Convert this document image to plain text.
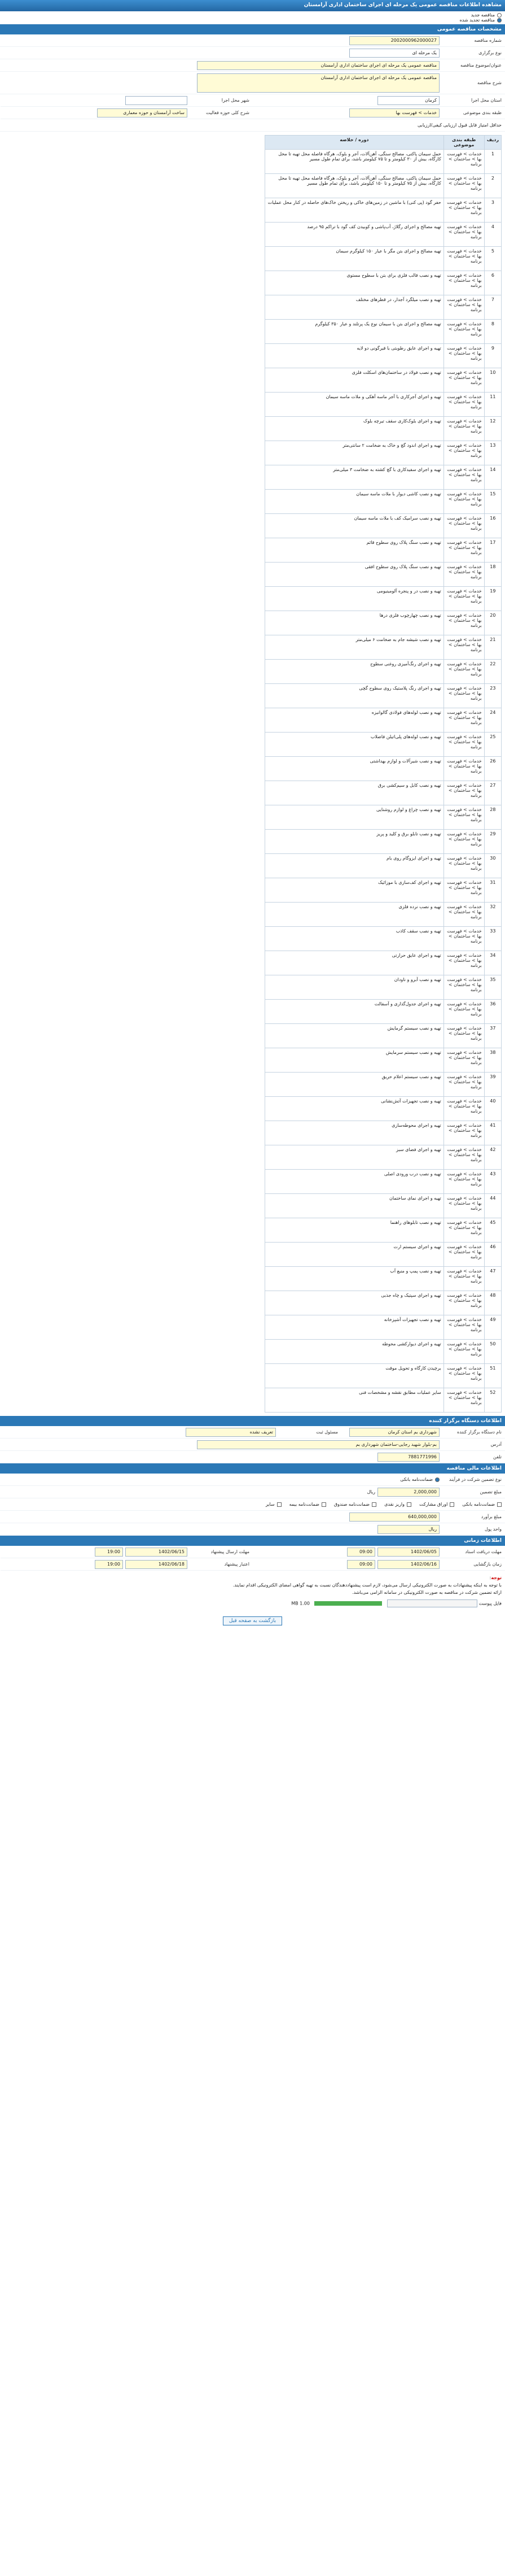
مشاهده اطلاعات مناقصه عمومی یک مرحله ای اجرای ساختمان اداری آرامستان
مناقصه جدید
مناقصه تجدید شده
مشخصات مناقصه عمومی
شماره مناقصه
2002000962000027
نوع برگزاری
یک مرحله ای
عنوان/موضوع مناقصه
مناقصه عمومی یک مرحله ای اجرای ساختمان اداری آرامستان
شرح مناقصه
مناقصه عمومی یک مرحله ای اجرای ساختمان اداری آرامستان
استان محل اجرا
کرمان
شهر محل اجرا
طبقه بندی موضوعی
خدمات > فهرست بها
شرح کلی حوزه فعالیت
ساخت آرامستان و حوزه معماری
حداقل امتیاز قابل قبول ارزیابی کیفی/ارزیابی
ردیف	طبقه بندی موضوعی	دوره / خلاصه
1	خدمات > فهرست بها > ساختمان > برنامه	حمل سیمان پاکتی، مصالح سنگی، آهن‌آلات، آجر و بلوک، هرگاه فاصله محل تهیه تا محل کارگاه، بیش از ۳۰ کیلومتر و تا ۷۵ کیلومتر باشد، برای تمام طول مسیر
2	خدمات > فهرست بها > ساختمان > برنامه	حمل سیمان پاکتی، مصالح سنگی، آهن‌آلات، آجر و بلوک، هرگاه فاصله محل تهیه تا محل کارگاه، بیش از ۷۵ کیلومتر و تا ۱۵۰ کیلومتر باشد، برای تمام طول مسیر
3	خدمات > فهرست بها > ساختمان > برنامه	حفر گود (پی کنی) با ماشین در زمین‌های خاکی و ریختن خاک‌های حاصله در کنار محل عملیات
4	خدمات > فهرست بها > ساختمان > برنامه	تهیه مصالح و اجرای رگلاژ، آب‌پاشی و کوبیدن کف گود با تراکم ۹۵ درصد
5	خدمات > فهرست بها > ساختمان > برنامه	تهیه مصالح و اجرای بتن مگر با عیار ۱۵۰ کیلوگرم سیمان
6	خدمات > فهرست بها > ساختمان > برنامه	تهیه و نصب قالب فلزی برای بتن با سطوح مستوی
7	خدمات > فهرست بها > ساختمان > برنامه	تهیه و نصب میلگرد آجدار، در قطرهای مختلف
8	خدمات > فهرست بها > ساختمان > برنامه	تهیه مصالح و اجرای بتن با سیمان نوع یک پرتلند و عیار ۳۵۰ کیلوگرم
9	خدمات > فهرست بها > ساختمان > برنامه	تهیه و اجرای عایق رطوبتی با قیرگونی دو لایه
10	خدمات > فهرست بها > ساختمان > برنامه	تهیه و نصب فولاد در ساختمان‌های اسکلت فلزی
11	خدمات > فهرست بها > ساختمان > برنامه	تهیه و اجرای آجرکاری با آجر ماسه آهکی و ملات ماسه سیمان
12	خدمات > فهرست بها > ساختمان > برنامه	تهیه و اجرای بلوک‌کاری سقف تیرچه بلوک
13	خدمات > فهرست بها > ساختمان > برنامه	تهیه و اجرای اندود گچ و خاک به ضخامت ۲ سانتی‌متر
14	خدمات > فهرست بها > ساختمان > برنامه	تهیه و اجرای سفیدکاری با گچ کشته به ضخامت ۳ میلی‌متر
15	خدمات > فهرست بها > ساختمان > برنامه	تهیه و نصب کاشی دیوار با ملات ماسه سیمان
16	خدمات > فهرست بها > ساختمان > برنامه	تهیه و نصب سرامیک کف با ملات ماسه سیمان
17	خدمات > فهرست بها > ساختمان > برنامه	تهیه و نصب سنگ پلاک روی سطوح قائم
18	خدمات > فهرست بها > ساختمان > برنامه	تهیه و نصب سنگ پلاک روی سطوح افقی
19	خدمات > فهرست بها > ساختمان > برنامه	تهیه و نصب در و پنجره آلومینیومی
20	خدمات > فهرست بها > ساختمان > برنامه	تهیه و نصب چهارچوب فلزی درها
21	خدمات > فهرست بها > ساختمان > برنامه	تهیه و نصب شیشه جام به ضخامت ۶ میلی‌متر
22	خدمات > فهرست بها > ساختمان > برنامه	تهیه و اجرای رنگ‌آمیزی روغنی سطوح
23	خدمات > فهرست بها > ساختمان > برنامه	تهیه و اجرای رنگ پلاستیک روی سطوح گچی
24	خدمات > فهرست بها > ساختمان > برنامه	تهیه و نصب لوله‌های فولادی گالوانیزه
25	خدمات > فهرست بها > ساختمان > برنامه	تهیه و نصب لوله‌های پلی‌اتیلن فاضلاب
26	خدمات > فهرست بها > ساختمان > برنامه	تهیه و نصب شیرآلات و لوازم بهداشتی
27	خدمات > فهرست بها > ساختمان > برنامه	تهیه و نصب کابل و سیم‌کشی برق
28	خدمات > فهرست بها > ساختمان > برنامه	تهیه و نصب چراغ و لوازم روشنایی
29	خدمات > فهرست بها > ساختمان > برنامه	تهیه و نصب تابلو برق و کلید و پریز
30	خدمات > فهرست بها > ساختمان > برنامه	تهیه و اجرای ایزوگام روی بام
31	خدمات > فهرست بها > ساختمان > برنامه	تهیه و اجرای کف‌سازی با موزائیک
32	خدمات > فهرست بها > ساختمان > برنامه	تهیه و نصب نرده فلزی
33	خدمات > فهرست بها > ساختمان > برنامه	تهیه و نصب سقف کاذب
34	خدمات > فهرست بها > ساختمان > برنامه	تهیه و اجرای عایق حرارتی
35	خدمات > فهرست بها > ساختمان > برنامه	تهیه و نصب آبرو و ناودان
36	خدمات > فهرست بها > ساختمان > برنامه	تهیه و اجرای جدول‌گذاری و آسفالت
37	خدمات > فهرست بها > ساختمان > برنامه	تهیه و نصب سیستم گرمایش
38	خدمات > فهرست بها > ساختمان > برنامه	تهیه و نصب سیستم سرمایش
39	خدمات > فهرست بها > ساختمان > برنامه	تهیه و نصب سیستم اعلام حریق
40	خدمات > فهرست بها > ساختمان > برنامه	تهیه و نصب تجهیزات آتش‌نشانی
41	خدمات > فهرست بها > ساختمان > برنامه	تهیه و اجرای محوطه‌سازی
42	خدمات > فهرست بها > ساختمان > برنامه	تهیه و اجرای فضای سبز
43	خدمات > فهرست بها > ساختمان > برنامه	تهیه و نصب درب ورودی اصلی
44	خدمات > فهرست بها > ساختمان > برنامه	تهیه و اجرای نمای ساختمان
45	خدمات > فهرست بها > ساختمان > برنامه	تهیه و نصب تابلوهای راهنما
46	خدمات > فهرست بها > ساختمان > برنامه	تهیه و اجرای سیستم ارت
47	خدمات > فهرست بها > ساختمان > برنامه	تهیه و نصب پمپ و منبع آب
48	خدمات > فهرست بها > ساختمان > برنامه	تهیه و اجرای سپتیک و چاه جذبی
49	خدمات > فهرست بها > ساختمان > برنامه	تهیه و نصب تجهیزات آشپزخانه
50	خدمات > فهرست بها > ساختمان > برنامه	تهیه و اجرای دیوارکشی محوطه
51	خدمات > فهرست بها > ساختمان > برنامه	برچیدن کارگاه و تحویل موقت
52	خدمات > فهرست بها > ساختمان > برنامه	سایر عملیات مطابق نقشه و مشخصات فنی
اطلاعات دستگاه برگزار کننده
نام دستگاه برگزار کننده
شهرداری بم استان کرمان
مسئول ثبت
تعریف نشده
آدرس
بم-بلوار شهید رجایی-ساختمان شهرداری بم
تلفن
7881771996
اطلاعات مالی مناقصه
نوع تضمین شرکت در فرآیند
ضمانت‌نامه بانکی
مبلغ تضمین
2,000,000
ریال
ضمانت‌نامه بانکی
اوراق مشارکت
واریز نقدی
ضمانت‌نامه صندوق
ضمانت‌نامه بیمه
سایر
مبلغ برآورد
640,000,000
واحد پول
ریال
اطلاعات زمانی
مهلت دریافت اسناد
1402/06/05
09:00
مهلت ارسال پیشنهاد
1402/06/15
19:00
زمان بازگشایی
1402/06/16
09:00
اعتبار پیشنهاد
1402/06/18
19:00
توجه:
با توجه به اینکه پیشنهادات به صورت الکترونیکی ارسال می‌شود، لازم است پیشنهاد‌دهندگان نسبت به تهیه گواهی امضای الکترونیکی اقدام نمایند.
ارائه تضمین شرکت در مناقصه به صورت الکترونیکی در سامانه الزامی می‌باشد.
فایل پیوست
1.00 MB
بازگشت به صفحه قبل
